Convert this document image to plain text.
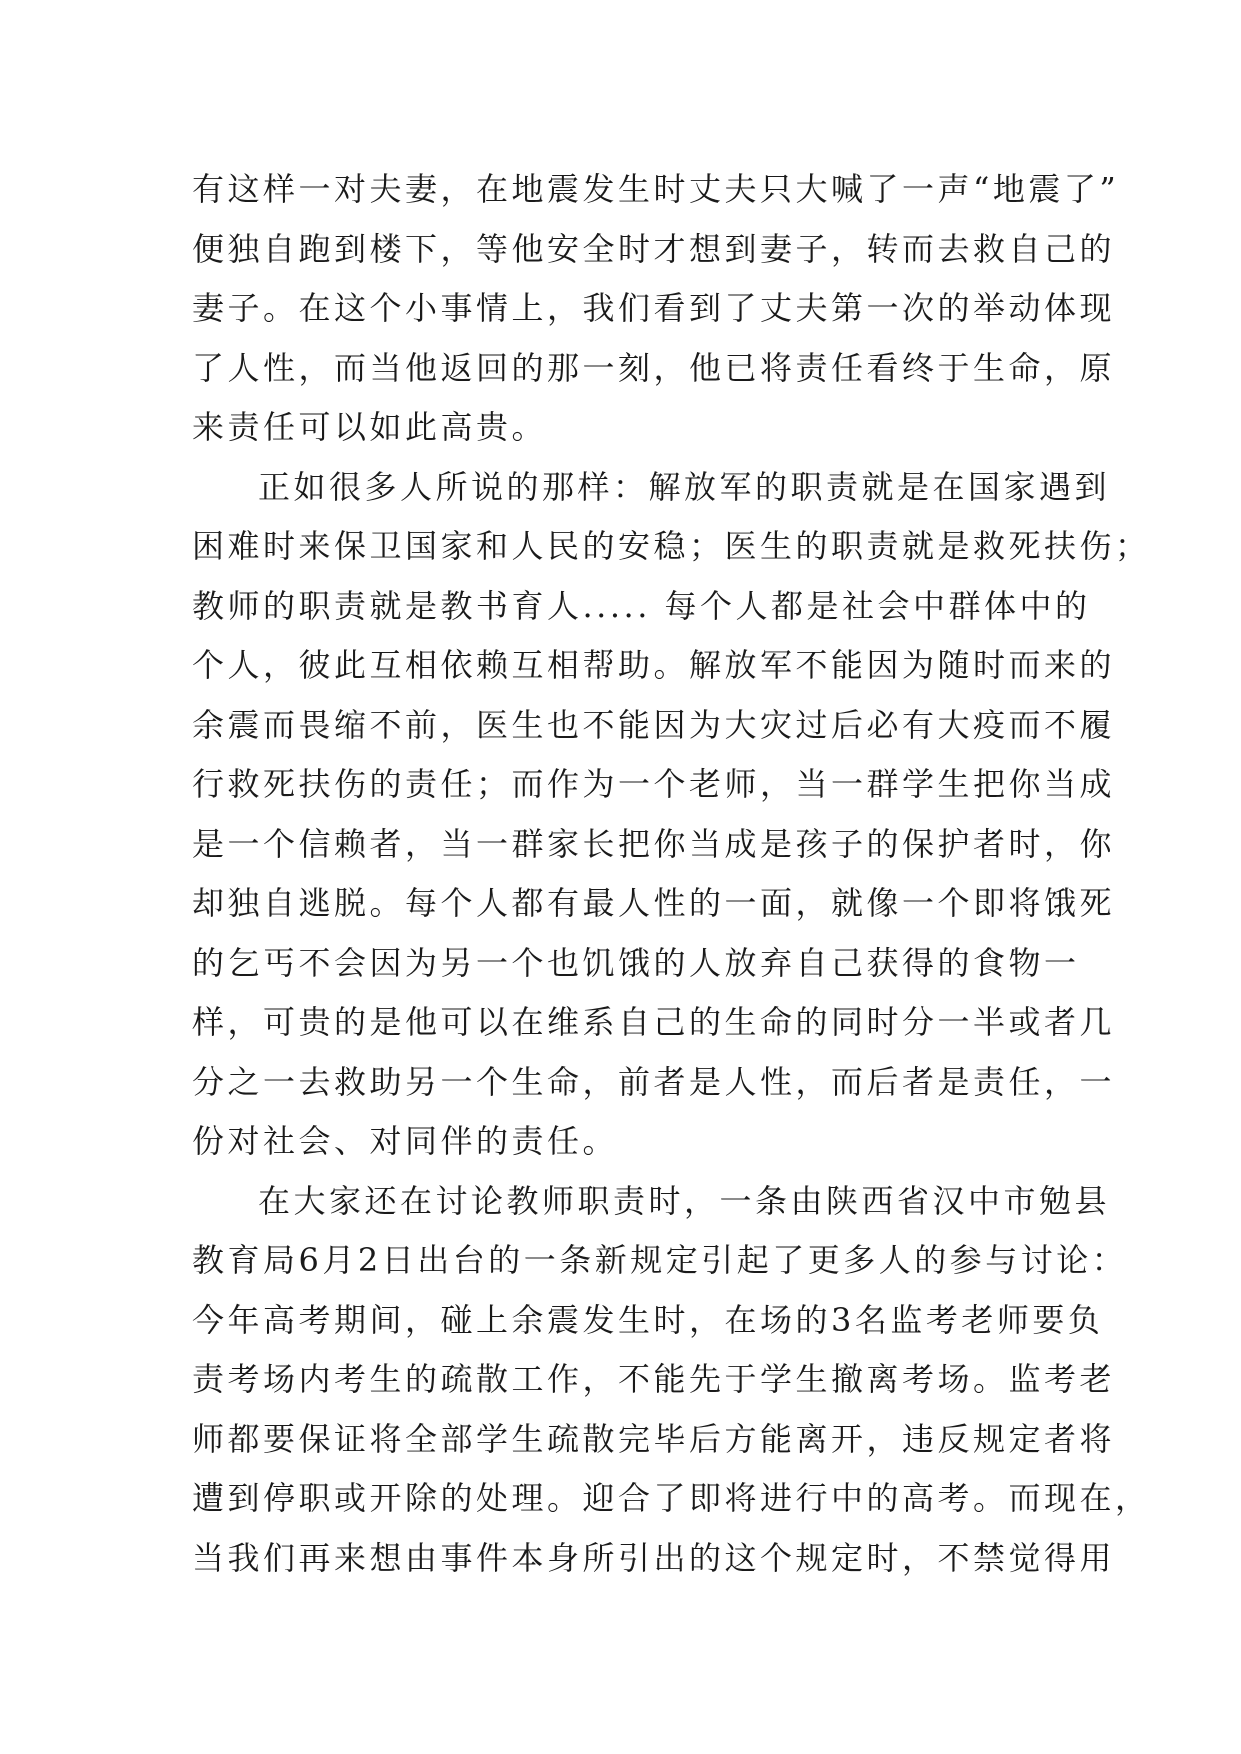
有这样一对夫妻，在地震发生时丈夫只大喊了一声“地震了”
便独自跑到楼下，等他安全时才想到妻子，转而去救自己的
妻子。在这个小事情上，我们看到了丈夫第一次的举动体现
了人性，而当他返回的那一刻，他已将责任看终于生命，原
来责任可以如此高贵。
正如很多人所说的那样：解放军的职责就是在国家遇到
困难时来保卫国家和人民的安稳；医生的职责就是救死扶伤；
教师的职责就是教书育人..... 每个人都是社会中群体中的
个人，彼此互相依赖互相帮助。解放军不能因为随时而来的
余震而畏缩不前，医生也不能因为大灾过后必有大疫而不履
行救死扶伤的责任；而作为一个老师，当一群学生把你当成
是一个信赖者，当一群家长把你当成是孩子的保护者时，你
却独自逃脱。每个人都有最人性的一面，就像一个即将饿死
的乞丐不会因为另一个也饥饿的人放弃自己获得的食物一
样，可贵的是他可以在维系自己的生命的同时分一半或者几
分之一去救助另一个生命，前者是人性，而后者是责任，一
份对社会、对同伴的责任。
在大家还在讨论教师职责时，一条由陕西省汉中市勉县
教育局6月2日出台的一条新规定引起了更多人的参与讨论：
今年高考期间，碰上余震发生时，在场的3名监考老师要负
责考场内考生的疏散工作，不能先于学生撤离考场。监考老
师都要保证将全部学生疏散完毕后方能离开，违反规定者将
遭到停职或开除的处理。迎合了即将进行中的高考。而现在，
当我们再来想由事件本身所引出的这个规定时，不禁觉得用
